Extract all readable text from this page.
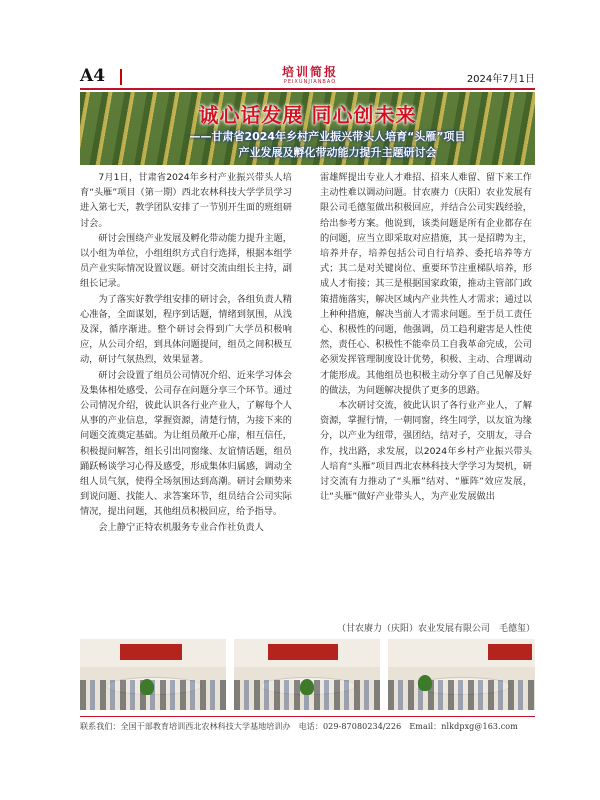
A4	培训简报
PEIXUNJIANBAO	2024年7月1日
诚心话发展 同心创未来
——甘肃省2024年乡村产业振兴带头人培育“头雁”项目
产业发展及孵化带动能力提升主题研讨会

7月1日，甘肃省2024年乡村产业振兴带头人培育“头雁”项目（第一期）西北农林科技大学学员学习进入第七天，教学团队安排了一节别开生面的班组研讨会。

研讨会围绕产业发展及孵化带动能力提升主题，以小组为单位，小组组织方式自行选择，根据本组学员产业实际情况设置议题。研讨交流由组长主持，副组长记录。

为了落实好教学组安排的研讨会，各组负责人精心准备，全面谋划，程序到话题，情绪到氛围，从浅及深，循序渐进。整个研讨会得到广大学员积极响应，从公司介绍，到具体问题提问，组员之间积极互动，研讨气氛热烈，效果显著。

研讨会设置了组员公司情况介绍、近来学习体会及集体相处感受、公司存在问题分享三个环节。通过公司情况介绍，彼此认识各行业产业人，了解每个人从事的产业信息，掌握资源，清楚行情，为接下来的问题交流奠定基础。为让组员敞开心扉，相互信任，积极提问解答，组长引出同窗缘、友谊情话题，组员踊跃畅谈学习心得及感受，形成集体归属感，调动全组人员气氛，使得全场氛围达到高潮。研讨会顺势来到说问题、找能人、求答案环节，组员结合公司实际情况，提出问题，其他组员积极回应，给予指导。

会上静宁正特农机服务专业合作社负责人

雷雄辉提出专业人才难招、招来人难留、留下来工作主动性难以调动问题。甘农赓力（庆阳）农业发展有限公司毛德玺做出积极回应，并结合公司实践经验，给出参考方案。他说到，该类问题是所有企业都存在的问题，应当立即采取对应措施，其一是招聘为主，培养并存，培养包括公司自行培养、委托培养等方式；其二是对关键岗位、重要环节注重梯队培养，形成人才衔接；其三是根据国家政策，推动主管部门政策措施落实，解决区域内产业共性人才需求；通过以上种种措施，解决当前人才需求问题。至于员工责任心、积极性的问题，他强调，员工趋利避害是人性使然，责任心、积极性不能牵员工自我革命完成，公司必须发挥管理制度设计优势，积极、主动、合理调动才能形成。其他组员也积极主动分享了自己见解及好的做法，为问题解决提供了更多的思路。

本次研讨交流，彼此认识了各行业产业人，了解资源，掌握行情，一朝同窗，终生同学，以友谊为缘分，以产业为纽带，强团结，结对子，交朋友，寻合作，找出路，求发展，以2024年乡村产业振兴带头人培育“头雁”项目西北农林科技大学学习为契机，研讨交流有力推动了“头雁”结对、“雁阵”效应发展，让“头雁”做好产业带头人，为产业发展做出

（甘农赓力（庆阳）农业发展有限公司　毛德玺）
联系我们：全国干部教育培训西北农林科技大学基地培训办　电话：029-87080234/226　Email：nlkdpxg@163.com
